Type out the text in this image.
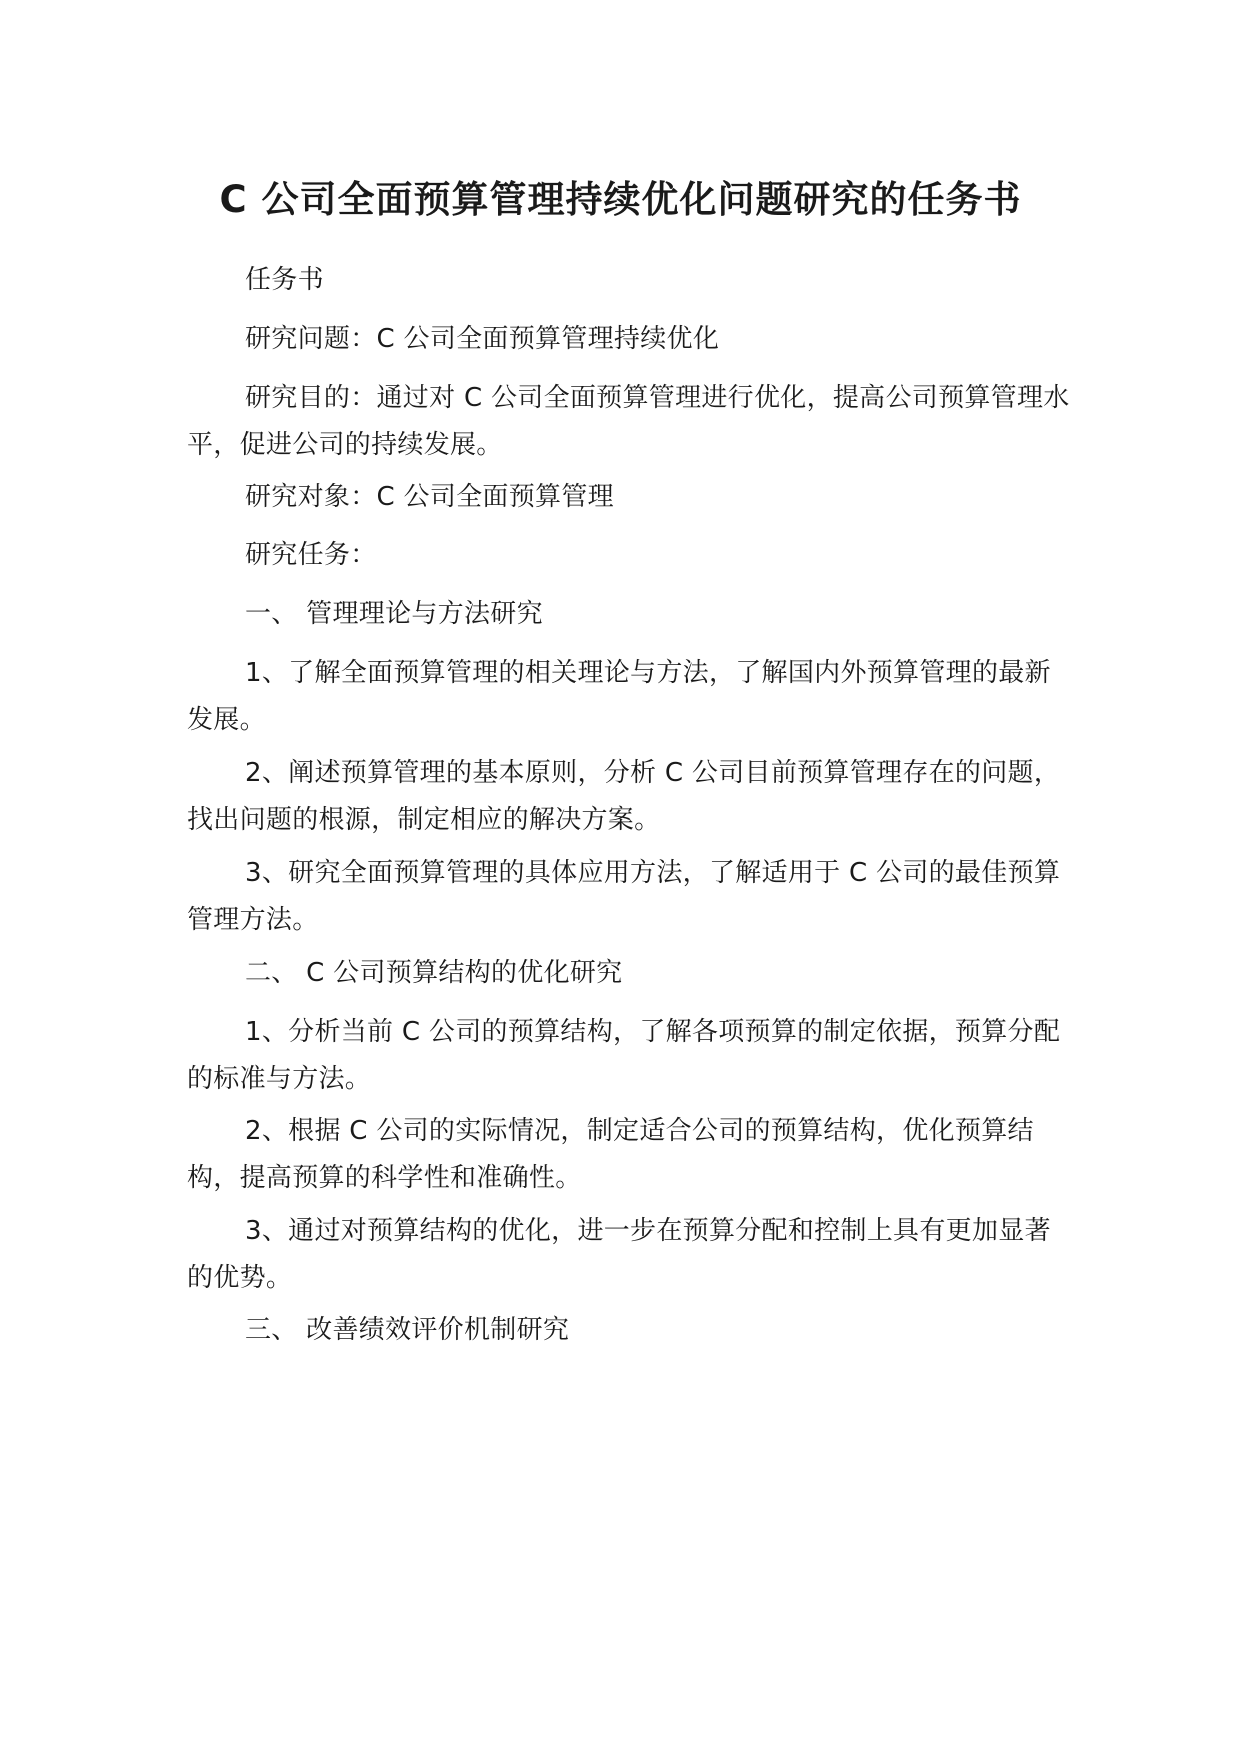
C 公司全面预算管理持续优化问题研究的任务书

任务书

研究问题：C 公司全面预算管理持续优化

研究目的：通过对 C 公司全面预算管理进行优化，提高公司预算管理水平，促进公司的持续发展。

研究对象：C 公司全面预算管理

研究任务：

一、 管理理论与方法研究

1、了解全面预算管理的相关理论与方法，了解国内外预算管理的最新发展。

2、阐述预算管理的基本原则，分析 C 公司目前预算管理存在的问题，找出问题的根源，制定相应的解决方案。

3、研究全面预算管理的具体应用方法，了解适用于 C 公司的最佳预算管理方法。

二、 C 公司预算结构的优化研究

1、分析当前 C 公司的预算结构，了解各项预算的制定依据，预算分配的标准与方法。

2、根据 C 公司的实际情况，制定适合公司的预算结构，优化预算结构，提高预算的科学性和准确性。

3、通过对预算结构的优化，进一步在预算分配和控制上具有更加显著的优势。

三、 改善绩效评价机制研究
